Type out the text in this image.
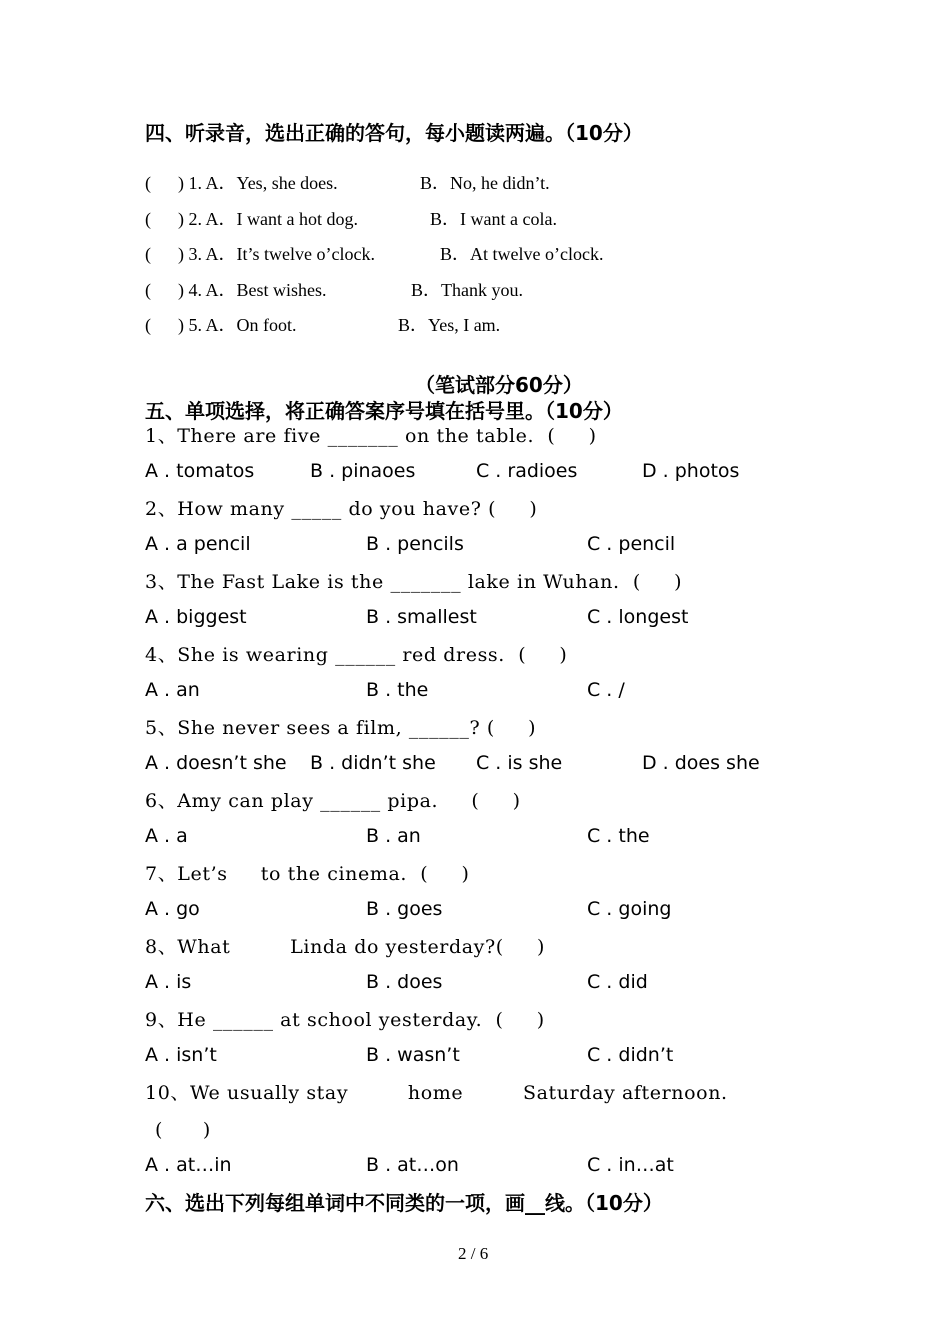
四、听录音，选出正确的答句，每小题读两遍。（10分）
( ) 1. A．Yes, she does.	B．No, he didn’t.
( ) 2. A．I want a hot dog.	B．I want a cola.
( ) 3. A．It’s twelve o’clock.	B．At twelve o’clock.
( ) 4. A．Best wishes.	B．Thank you.
( ) 5. A．On foot.	B．Yes, I am.
（笔试部分60分）
五、单项选择，将正确答案序号填在括号里。（10分）
1、There are five _______ on the table.  (     )
A . tomatos	B . pinaoes	C . radioes	D . photos
2、How many _____ do you have? (     )
A . a pencil	B . pencils	C . pencil
3、The Fast Lake is the _______ lake in Wuhan.  (     )
A . biggest	B . smallest	C . longest
4、She is wearing ______ red dress.  (     )
A . an	B . the	C . /
5、She never sees a film, ______? (     )
A . doesn’t she B . didn’t she C . is she	D . does she
6、Amy can play ______ pipa.     (     )
A . a	B . an	C . the
7、Let’s     to the cinema.  (     )
A . go	B . goes	C . going
8、What         Linda do yesterday?(     )
A . is	B . does	C . did
9、He ______ at school yesterday.  (     )
A . isn’t	B . wasn’t	C . didn’t
10、We usually stay         home         Saturday afternoon.
(      )
A . at…in	B . at…on	C . in…at
六、选出下列每组单词中不同类的一项，画__线。（10分）
2 / 6
